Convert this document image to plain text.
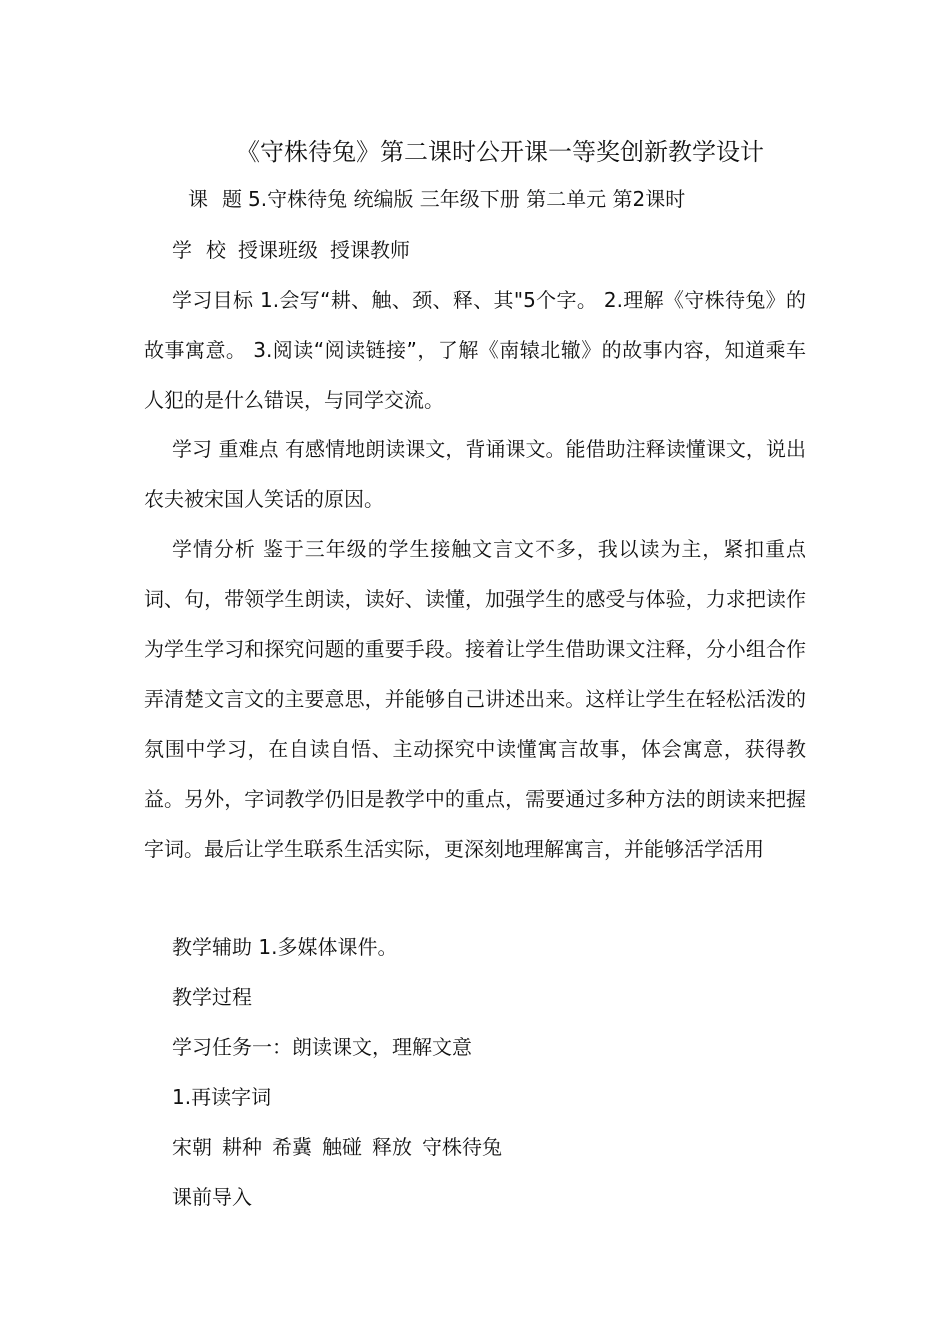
《守株待兔》第二课时公开课一等奖创新教学设计
课 题 5.守株待兔 统编版 三年级下册 第二单元 第2课时
学 校 授课班级 授课教师

学习目标 1.会写“耕、触、颈、释、其"5个字。 2.理解《守株待兔》的故事寓意。 3.阅读“阅读链接”，了解《南辕北辙》的故事内容，知道乘车人犯的是什么错误，与同学交流。

学习 重难点 有感情地朗读课文，背诵课文。能借助注释读懂课文，说出农夫被宋国人笑话的原因。

学情分析 鉴于三年级的学生接触文言文不多，我以读为主，紧扣重点词、句，带领学生朗读，读好、读懂，加强学生的感受与体验，力求把读作为学生学习和探究问题的重要手段。接着让学生借助课文注释，分小组合作弄清楚文言文的主要意思，并能够自己讲述出来。这样让学生在轻松活泼的氛围中学习，在自读自悟、主动探究中读懂寓言故事，体会寓意，获得教益。另外，字词教学仍旧是教学中的重点，需要通过多种方法的朗读来把握字词。最后让学生联系生活实际，更深刻地理解寓言，并能够活学活用

教学辅助 1.多媒体课件。
教学过程
学习任务一：朗读课文，理解文意
1.再读字词
宋朝 耕种 希冀 触碰 释放 守株待兔
课前导入
